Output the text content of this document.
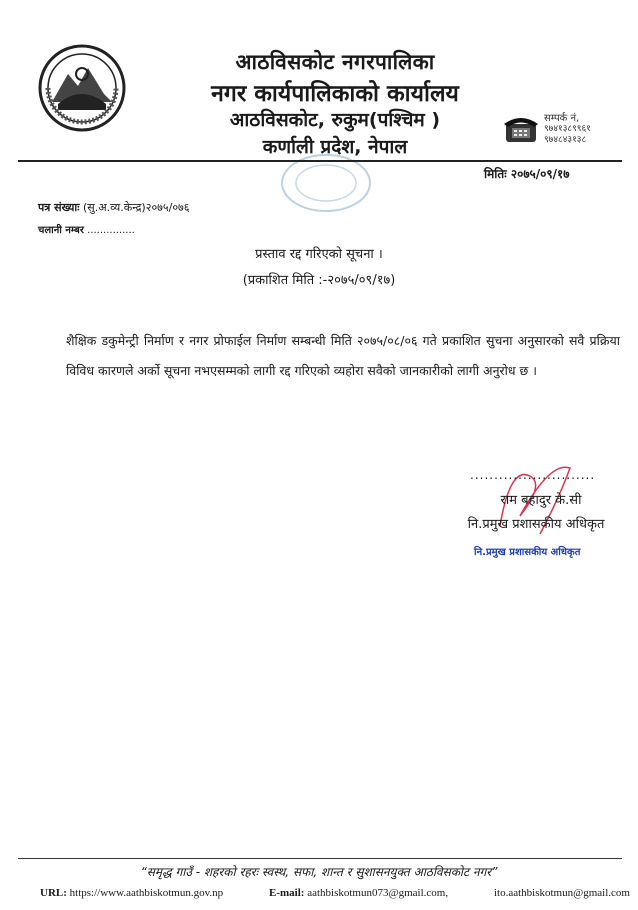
आठविसकोट नगरपालिका
नगर कार्यपालिकाको कार्यालय
आठविसकोट, रुकुम(पश्चिम )
कर्णाली प्रदेश, नेपाल
सम्पर्क नं,
९७४१३८९९६१
९७४८४३१३८
मितिः २०७५/०९/१७
पत्र संख्याः (सु.अ.व्य.केन्द्र)२०७५/०७६
चलानी नम्बर ...............
प्रस्ताव रद्द गरिएको सूचना ।
(प्रकाशित मिति :-२०७५/०९/१७)
शैक्षिक डकुमेन्ट्री निर्माण र नगर प्रोफाईल निर्माण सम्बन्धी मिति २०७५/०८/०६ गते प्रकाशित सुचना अनुसारको सवै प्रक्रिया विविध कारणले अर्को सूचना नभएसम्मको लागी रद्द गरिएको व्यहोरा सवैको जानकारीको लागी अनुरोध छ ।
..........................
राम बहादुर के.सी
नि.प्रमुख प्रशासकीय अधिकृत
नि.प्रमुख प्रशासकीय अधिकृत
“समृद्ध गाउँ - शहरको रहरः स्वस्थ, सफा, शान्त र सुशासनयुक्त आठविसकोट नगर”
URL: https://www.aathbiskotmun.gov.np	E-mail: aathbiskotmun073@gmail.com,	ito.aathbiskotmun@gmail.com
